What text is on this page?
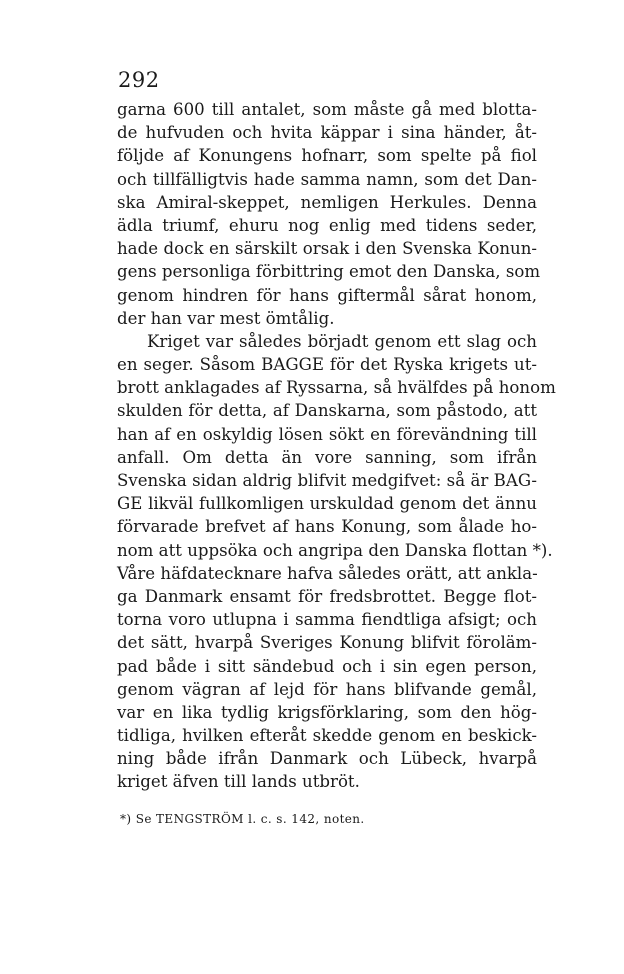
292
garna 600 till antalet, som måste gå med blotta-
de hufvuden och hvita käppar i sina händer, åt-
följde af Konungens hofnarr, som spelte på fiol
och tillfälligtvis hade samma namn, som det Dan-
ska Amiral-skeppet, nemligen Herkules. Denna
ädla triumf, ehuru nog enlig med tidens seder,
hade dock en särskilt orsak i den Svenska Konun-
gens personliga förbittring emot den Danska, som
genom hindren för hans giftermål sårat honom,
der han var mest ömtålig.
Kriget var således börjadt genom ett slag och
en seger. Såsom BAGGE för det Ryska krigets ut-
brott anklagades af Ryssarna, så hvälfdes på honom
skulden för detta, af Danskarna, som påstodo, att
han af en oskyldig lösen sökt en förevändning till
anfall. Om detta än vore sanning, som ifrån
Svenska sidan aldrig blifvit medgifvet: så är BAG-
GE likväl fullkomligen urskuldad genom det ännu
förvarade brefvet af hans Konung, som ålade ho-
nom att uppsöka och angripa den Danska flottan *).
Våre häfdatecknare hafva således orätt, att ankla-
ga Danmark ensamt för fredsbrottet. Begge flot-
torna voro utlupna i samma fiendtliga afsigt; och
det sätt, hvarpå Sveriges Konung blifvit föroläm-
pad både i sitt sändebud och i sin egen person,
genom vägran af lejd för hans blifvande gemål,
var en lika tydlig krigsförklaring, som den hög-
tidliga, hvilken efteråt skedde genom en beskick-
ning både ifrån Danmark och Lübeck, hvarpå
kriget äfven till lands utbröt.
*) Se TENGSTRÖM l. c. s. 142, noten.
